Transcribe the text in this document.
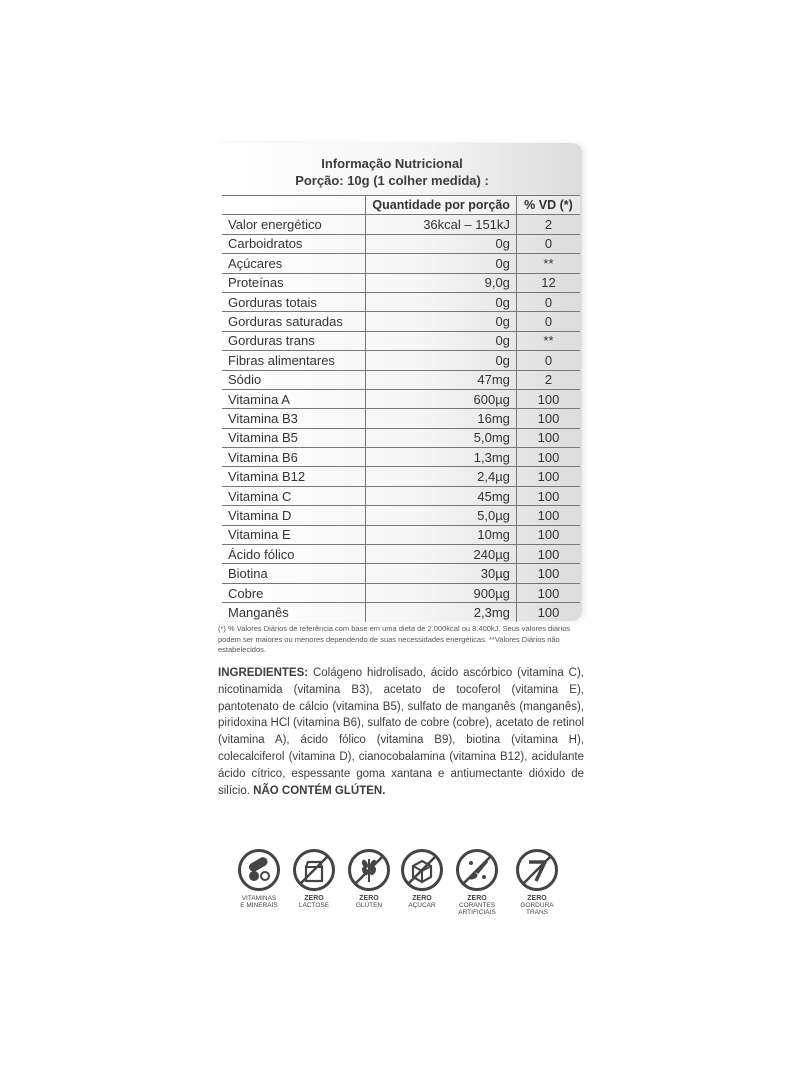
Informação Nutricional
Porção: 10g (1 colher medida) :
	Quantidade por porção	% VD (*)
Valor energético	36kcal – 151kJ	2
Carboidratos	0g	0
Açúcares	0g	**
Proteínas	9,0g	12
Gorduras totais	0g	0
Gorduras saturadas	0g	0
Gorduras trans	0g	**
Fibras alimentares	0g	0
Sódio	47mg	2
Vitamina A	600µg	100
Vitamina B3	16mg	100
Vitamina B5	5,0mg	100
Vitamina B6	1,3mg	100
Vitamina B12	2,4µg	100
Vitamina C	45mg	100
Vitamina D	5,0µg	100
Vitamina E	10mg	100
Ácido fólico	240µg	100
Biotina	30µg	100
Cobre	900µg	100
Manganês	2,3mg	100
(*) % Valores Diários de referência com base em uma dieta de 2.000kcal ou 8.400kJ. Seus valores diários podem ser maiores ou menores dependendo de suas necessidades energéticas. **Valores Diários não estabelecidos.
INGREDIENTES: Colágeno hidrolisado, ácido ascórbico (vitamina C), nicotinamida (vitamina B3), acetato de tocoferol (vitamina E), pantotenato de cálcio (vitamina B5), sulfato de manganês (manganês), piridoxina HCl (vitamina B6), sulfato de cobre (cobre), acetato de retinol (vitamina A), ácido fólico (vitamina B9), biotina (vitamina H), colecalciferol (vitamina D), cianocobalamina (vitamina B12), acidulante ácido cítrico, espessante goma xantana e antiumectante dióxido de silício. NÃO CONTÉM GLÚTEN.
VITAMINAS
E MINERAIS
ZERO
LACTOSE

ZERO
GLÚTEN

ZERO
AÇÚCAR

ZERO
CORANTES
ARTIFICIAIS
ZERO
GORDURA TRANS
